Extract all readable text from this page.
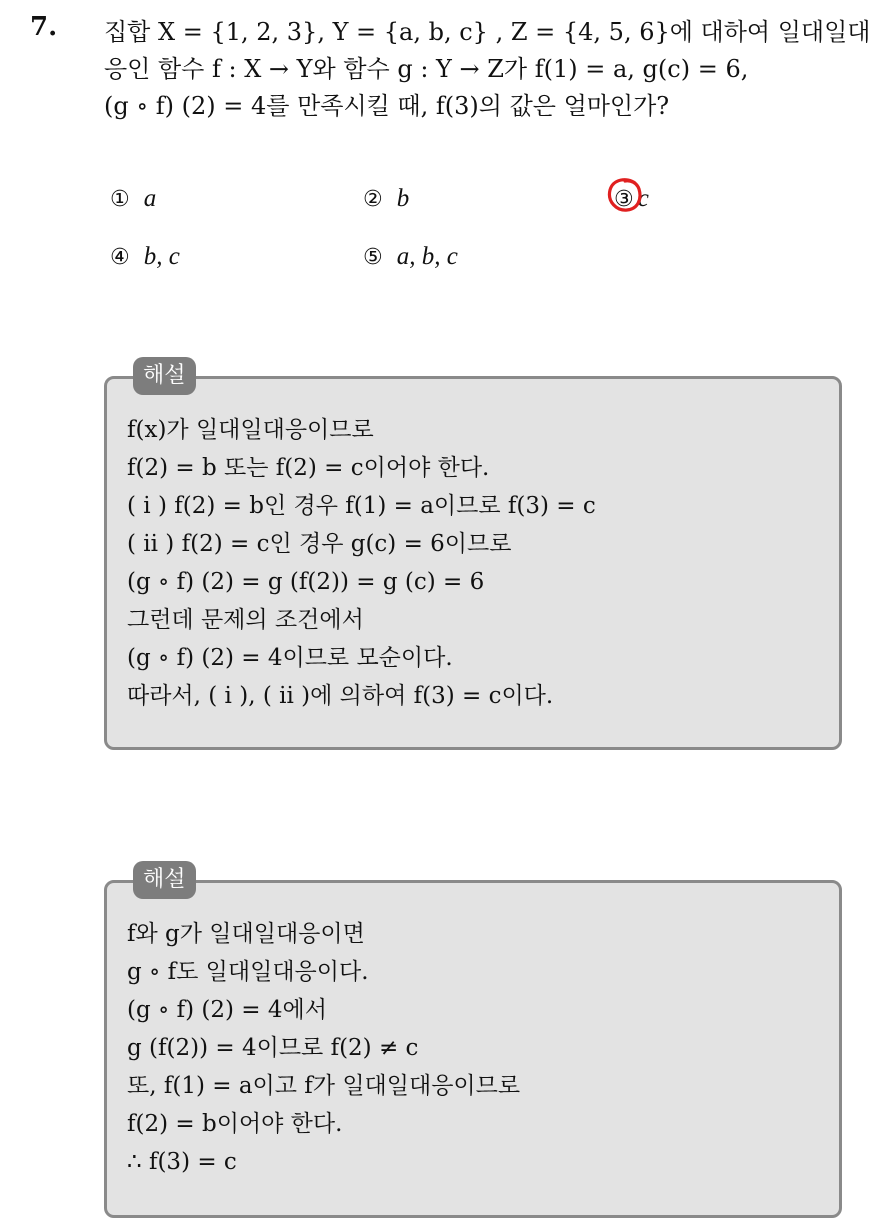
7. 집합 X = {1, 2, 3}, Y = {a, b, c} , Z = {4, 5, 6}에 대하여 일대일대
응인 함수 f : X → Y와 함수 g : Y → Z가 f(1) = a, g(c) = 6,
(g ∘ f) (2) = 4를 만족시킬 때, f(3)의 값은 얼마인가?
① a	② b	③ c
④ b, c	⑤ a, b, c
해설
f(x)가 일대일대응이므로
f(2) = b 또는 f(2) = c이어야 한다.
( i ) f(2) = b인 경우 f(1) = a이므로 f(3) = c
( ii ) f(2) = c인 경우 g(c) = 6이므로
(g ∘ f) (2) = g (f(2)) = g (c) = 6
그런데 문제의 조건에서
(g ∘ f) (2) = 4이므로 모순이다.
따라서, ( i ), ( ii )에 의하여 f(3) = c이다.
해설
f와 g가 일대일대응이면
g ∘ f도 일대일대응이다.
(g ∘ f) (2) = 4에서
g (f(2)) = 4이므로 f(2) ≠ c
또, f(1) = a이고 f가 일대일대응이므로
f(2) = b이어야 한다.
∴ f(3) = c
